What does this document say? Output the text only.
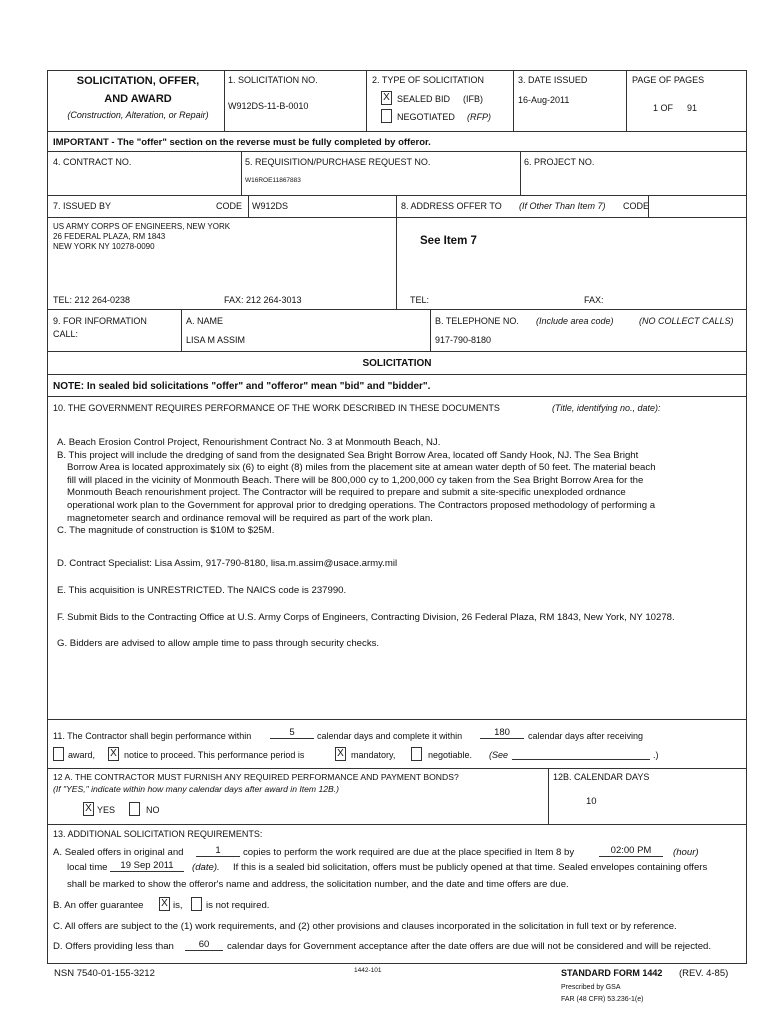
SOLICITATION, OFFER,
AND AWARD
(Construction, Alteration, or Repair)
1. SOLICITATION NO.
W912DS-11-B-0010
2. TYPE OF SOLICITATION
X SEALED BID (IFB)
NEGOTIATED (RFP)
3. DATE ISSUED
16-Aug-2011
PAGE OF PAGES
1 OF 91
IMPORTANT - The "offer" section on the reverse must be fully completed by offeror.
4. CONTRACT NO.	5. REQUISITION/PURCHASE REQUEST NO.
W16ROE11867883
6. PROJECT NO.
7. ISSUED BY	CODE W912DS
US ARMY CORPS OF ENGINEERS, NEW YORK
26 FEDERAL PLAZA, RM 1843
NEW YORK NY 10278-0090
8. ADDRESS OFFER TO (If Other Than Item 7) CODE
See Item 7
TEL: 212 264-0238	FAX: 212 264-3013	TEL:	FAX:
9. FOR INFORMATION
CALL:
A. NAME
LISA M ASSIM
B. TELEPHONE NO. (Include area code)	(NO COLLECT CALLS)
917-790-8180
SOLICITATION
NOTE: In sealed bid solicitations "offer" and "offeror" mean "bid" and "bidder".
10. THE GOVERNMENT REQUIRES PERFORMANCE OF THE WORK DESCRIBED IN THESE DOCUMENTS	(Title, identifying no., date):
A. Beach Erosion Control Project, Renourishment Contract No. 3 at Monmouth Beach, NJ.
B. This project will include the dredging of sand from the designated Sea Bright Borrow Area, located off Sandy Hook, NJ. The Sea Bright
Borrow Area is located approximately six (6) to eight (8) miles from the placement site at amean water depth of 50 feet. The material beach
fill will placed in the vicinity of Monmouth Beach. There will be 800,000 cy to 1,200,000 cy taken from the Sea Bright Borrow Area for the
Monmouth Beach renourishment project. The Contractor will be required to prepare and submit a site-specific unexploded ordnance
operational work plan to the Government for approval prior to dredging operations. The Contractors proposed methodology of performing a
magnetometer search and ordinance removal will be required as part of the work plan.
C. The magnitude of construction is $10M to $25M.
D. Contract Specialist: Lisa Assim, 917-790-8180, lisa.m.assim@usace.army.mil
E. This acquisition is UNRESTRICTED. The NAICS code is 237990.
F. Submit Bids to the Contracting Office at U.S. Army Corps of Engineers, Contracting Division, 26 Federal Plaza, RM 1843, New York, NY 10278.
G. Bidders are advised to allow ample time to pass through security checks.
11. The Contractor shall begin performance within	5	calendar days and complete it within	180	calendar days after receiving
award, X notice to proceed. This performance period is	X mandatory,	negotiable. (See	.)
12 A. THE CONTRACTOR MUST FURNISH ANY REQUIRED PERFORMANCE AND PAYMENT BONDS?
(If "YES," indicate within how many calendar days after award in Item 12B.)
X YES	NO
12B. CALENDAR DAYS
10
13. ADDITIONAL SOLICITATION REQUIREMENTS:
A. Sealed offers in original and	1	copies to perform the work required are due at the place specified in Item 8 by	02:00 PM	(hour)
local time	19 Sep 2011	(date). If this is a sealed bid solicitation, offers must be publicly opened at that time. Sealed envelopes containing offers
shall be marked to show the offeror's name and address, the solicitation number, and the date and time offers are due.
B. An offer guarantee X is, is not required.
C. All offers are subject to the (1) work requirements, and (2) other provisions and clauses incorporated in the solicitation in full text or by reference.
D. Offers providing less than	60	calendar days for Government acceptance after the date offers are due will not be considered and will be rejected.
NSN 7540-01-155-3212	1442-101	STANDARD FORM 1442 (REV. 4-85)
Prescribed by GSA
FAR (48 CFR) 53.236-1(e)
